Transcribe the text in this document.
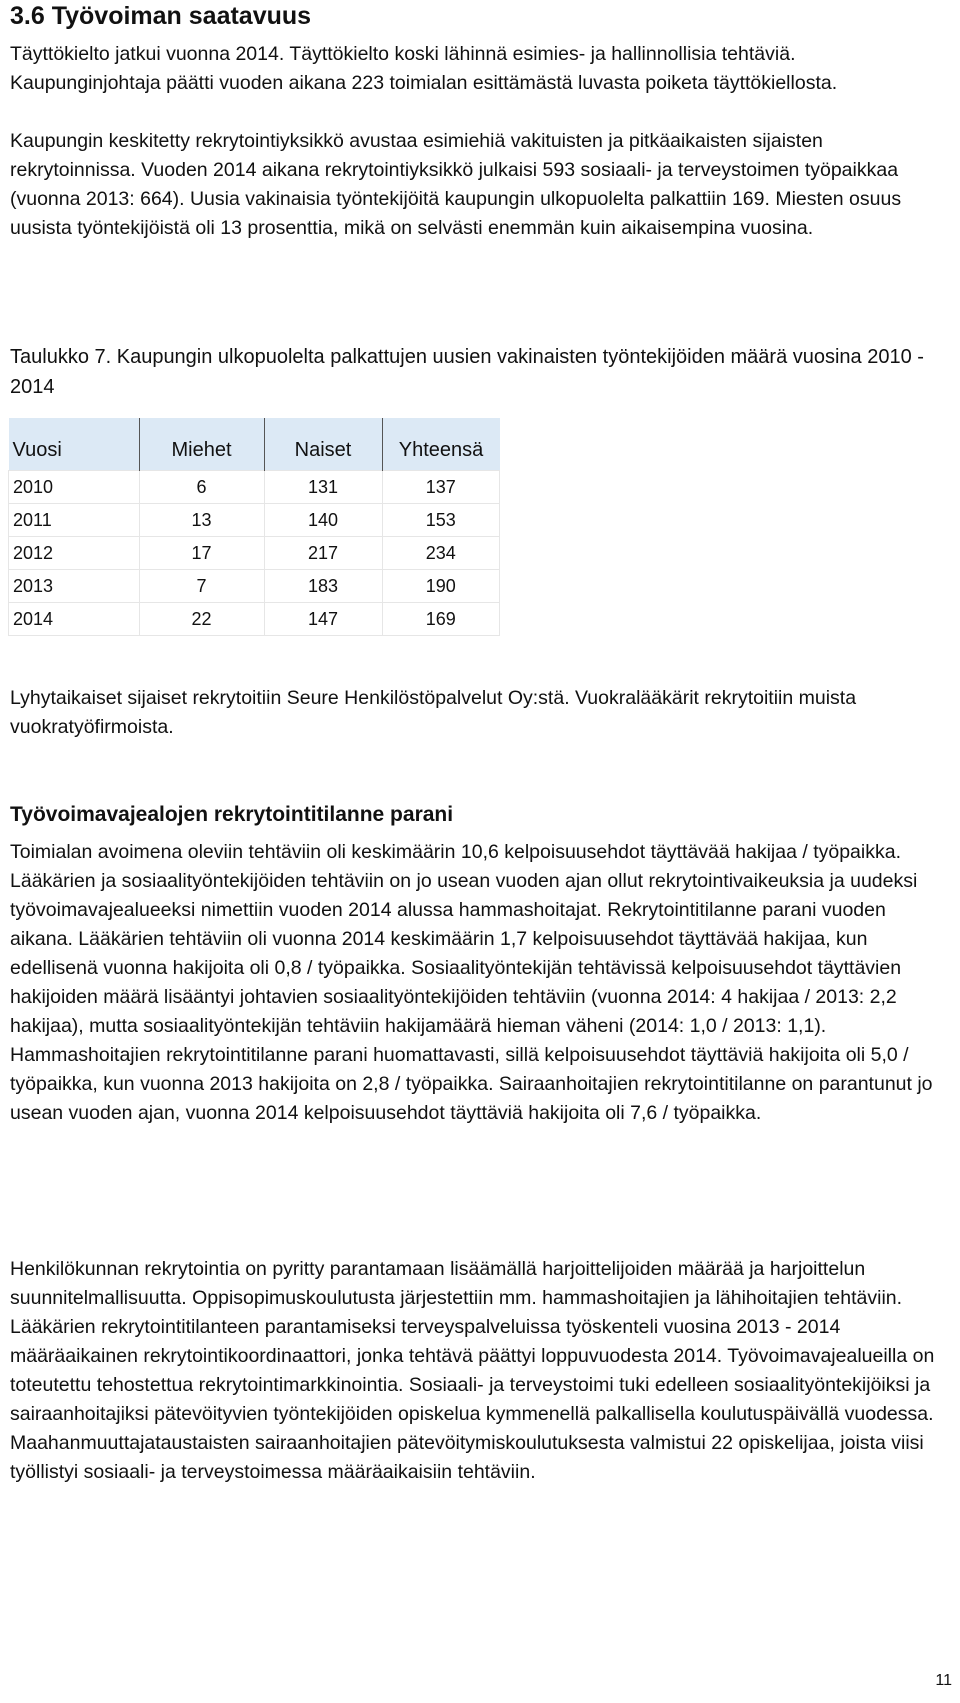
3.6 Työvoiman saatavuus

Täyttökielto jatkui vuonna 2014. Täyttökielto koski lähinnä esimies- ja hallinnollisia tehtäviä. Kaupunginjohtaja päätti vuoden aikana 223 toimialan esittämästä luvasta poiketa täyttökiellosta.

Kaupungin keskitetty rekrytointiyksikkö avustaa esimiehiä vakituisten ja pitkäaikaisten sijaisten rekrytoinnissa. Vuoden 2014 aikana rekrytointiyksikkö julkaisi 593 sosiaali- ja terveystoimen työpaikkaa (vuonna 2013: 664). Uusia vakinaisia työntekijöitä kaupungin ulkopuolelta palkattiin 169. Miesten osuus uusista työntekijöistä oli 13 prosenttia, mikä on selvästi enemmän kuin aikaisempina vuosina.

Taulukko 7. Kaupungin ulkopuolelta palkattujen uusien vakinaisten työntekijöiden määrä vuosina 2010 - 2014

Vuosi	Miehet	Naiset	Yhteensä

2010	6	131	137
2011	13	140	153
2012	17	217	234
2013	7	183	190
2014	22	147	169

Lyhytaikaiset sijaiset rekrytoitiin Seure Henkilöstöpalvelut Oy:stä. Vuokralääkärit rekrytoitiin muista vuokratyöfirmoista.

Työvoimavajealojen rekrytointitilanne parani

Toimialan avoimena oleviin tehtäviin oli keskimäärin 10,6 kelpoisuusehdot täyttävää hakijaa / työpaikka. Lääkärien ja sosiaalityöntekijöiden tehtäviin on jo usean vuoden ajan ollut rekrytointivaikeuksia ja uudeksi työvoimavajealueeksi nimettiin vuoden 2014 alussa hammashoitajat. Rekrytointitilanne parani vuoden aikana. Lääkärien tehtäviin oli vuonna 2014 keskimäärin 1,7 kelpoisuusehdot täyttävää hakijaa, kun edellisenä vuonna hakijoita oli 0,8 / työpaikka. Sosiaalityöntekijän tehtävissä kelpoisuusehdot täyttävien hakijoiden määrä lisääntyi johtavien sosiaalityöntekijöiden tehtäviin (vuonna 2014: 4 hakijaa / 2013: 2,2 hakijaa), mutta sosiaalityöntekijän tehtäviin hakijamäärä hieman väheni (2014: 1,0 / 2013: 1,1). Hammashoitajien rekrytointitilanne parani huomattavasti, sillä kelpoisuusehdot täyttäviä hakijoita oli 5,0 / työpaikka, kun vuonna 2013 hakijoita on 2,8 / työpaikka. Sairaanhoitajien rekrytointitilanne on parantunut jo usean vuoden ajan, vuonna 2014 kelpoisuusehdot täyttäviä hakijoita oli 7,6 / työpaikka.

Henkilökunnan rekrytointia on pyritty parantamaan lisäämällä harjoittelijoiden määrää ja harjoittelun suunnitelmallisuutta. Oppisopimuskoulutusta järjestettiin mm. hammashoitajien ja lähihoitajien tehtäviin. Lääkärien rekrytointitilanteen parantamiseksi terveyspalveluissa työskenteli vuosina 2013 - 2014 määräaikainen rekrytointikoordinaattori, jonka tehtävä päättyi loppuvuodesta 2014. Työvoimavajealueilla on toteutettu tehostettua rekrytointimarkkinointia. Sosiaali- ja terveystoimi tuki edelleen sosiaalityöntekijöiksi ja sairaanhoitajiksi pätevöityvien työntekijöiden opiskelua kymmenellä palkallisella koulutuspäivällä vuodessa. Maahanmuuttajataustaisten sairaanhoitajien pätevöitymiskoulutuksesta valmistui 22 opiskelijaa, joista viisi työllistyi sosiaali- ja terveystoimessa määräaikaisiin tehtäviin.

11
